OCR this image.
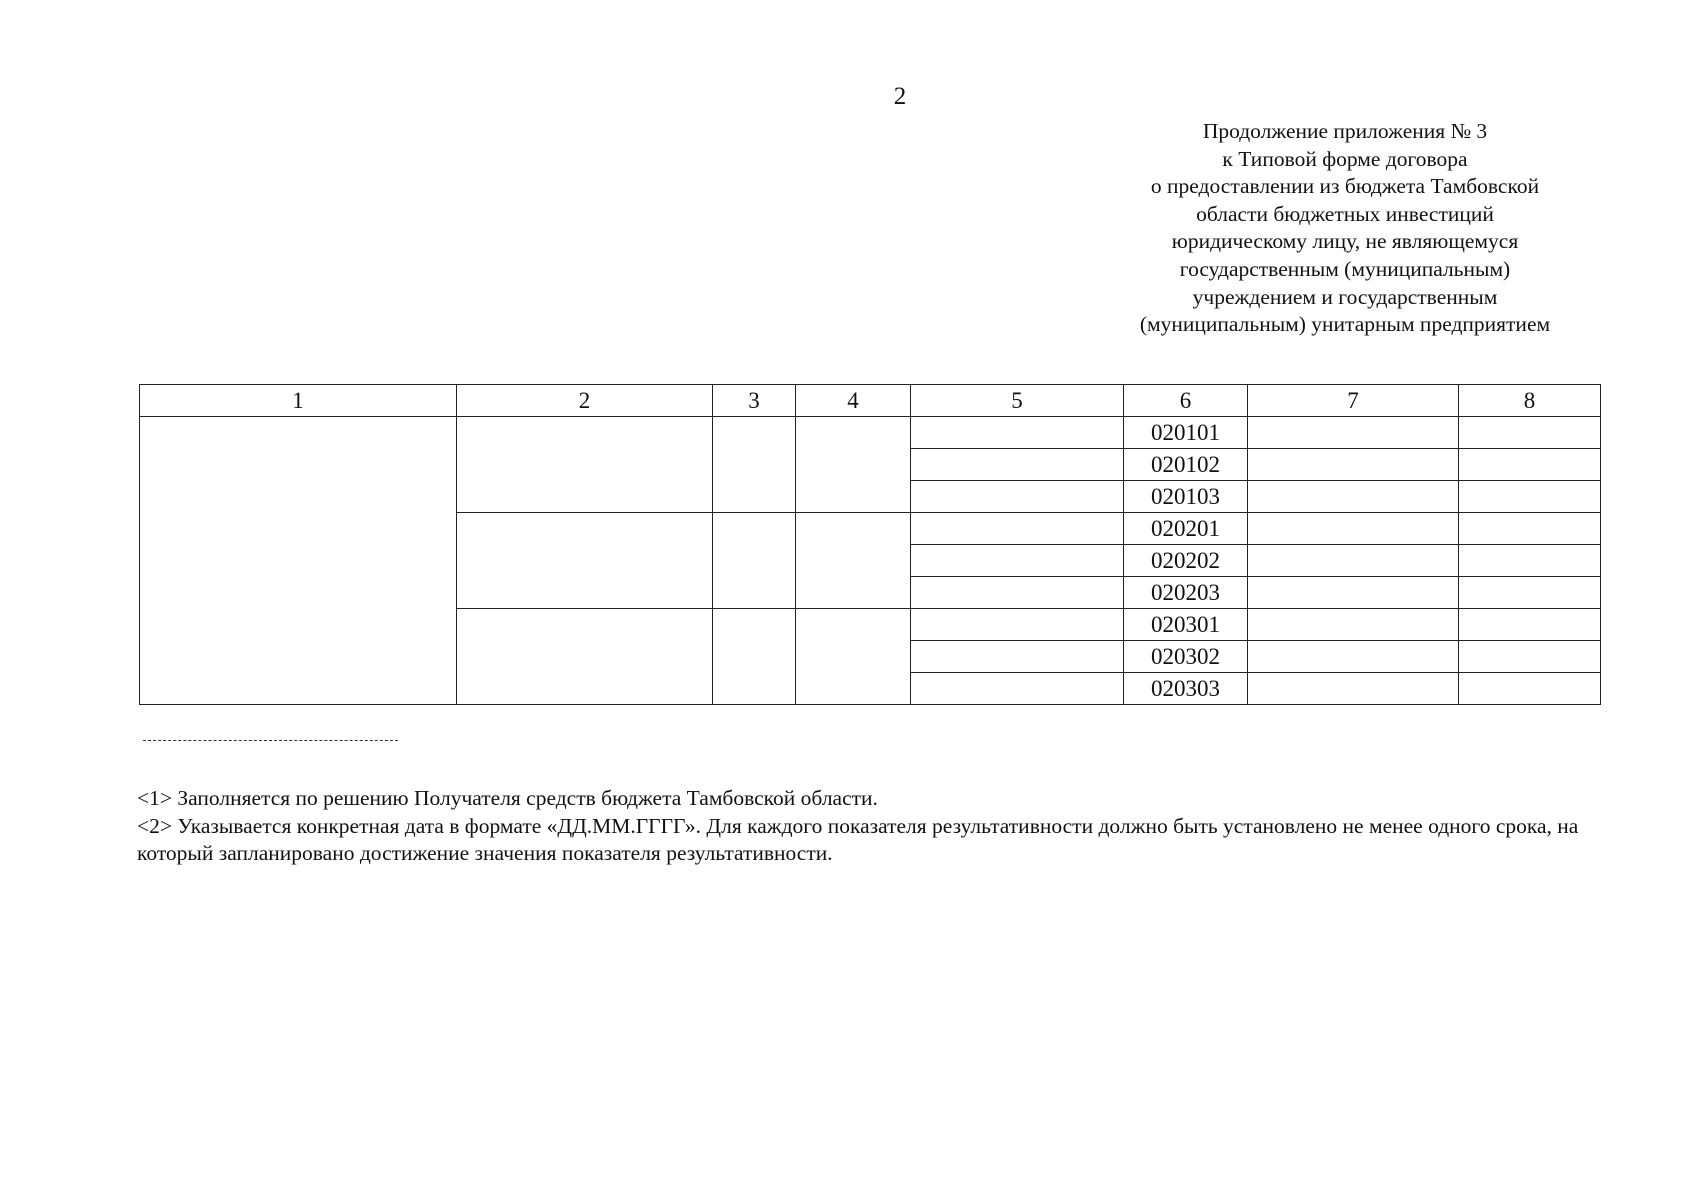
2
Продолжение приложения № 3
к Типовой форме договора
о предоставлении из бюджета Тамбовской
области бюджетных инвестиций
юридическому лицу, не являющемуся
государственным (муниципальным)
учреждением и государственным
(муниципальным) унитарным предприятием
1	2	3	4	5	6	7	8
					020101		
					020102		
					020103		
					020201		
					020202		
					020203		
					020301		
					020302		
					020303		

<1> Заполняется по решению Получателя средств бюджета Тамбовской области.

<2> Указывается конкретная дата в формате «ДД.ММ.ГГГГ». Для каждого показателя результативности должно быть установлено не менее одного срока, на который запланировано достижение значения показателя результативности.
